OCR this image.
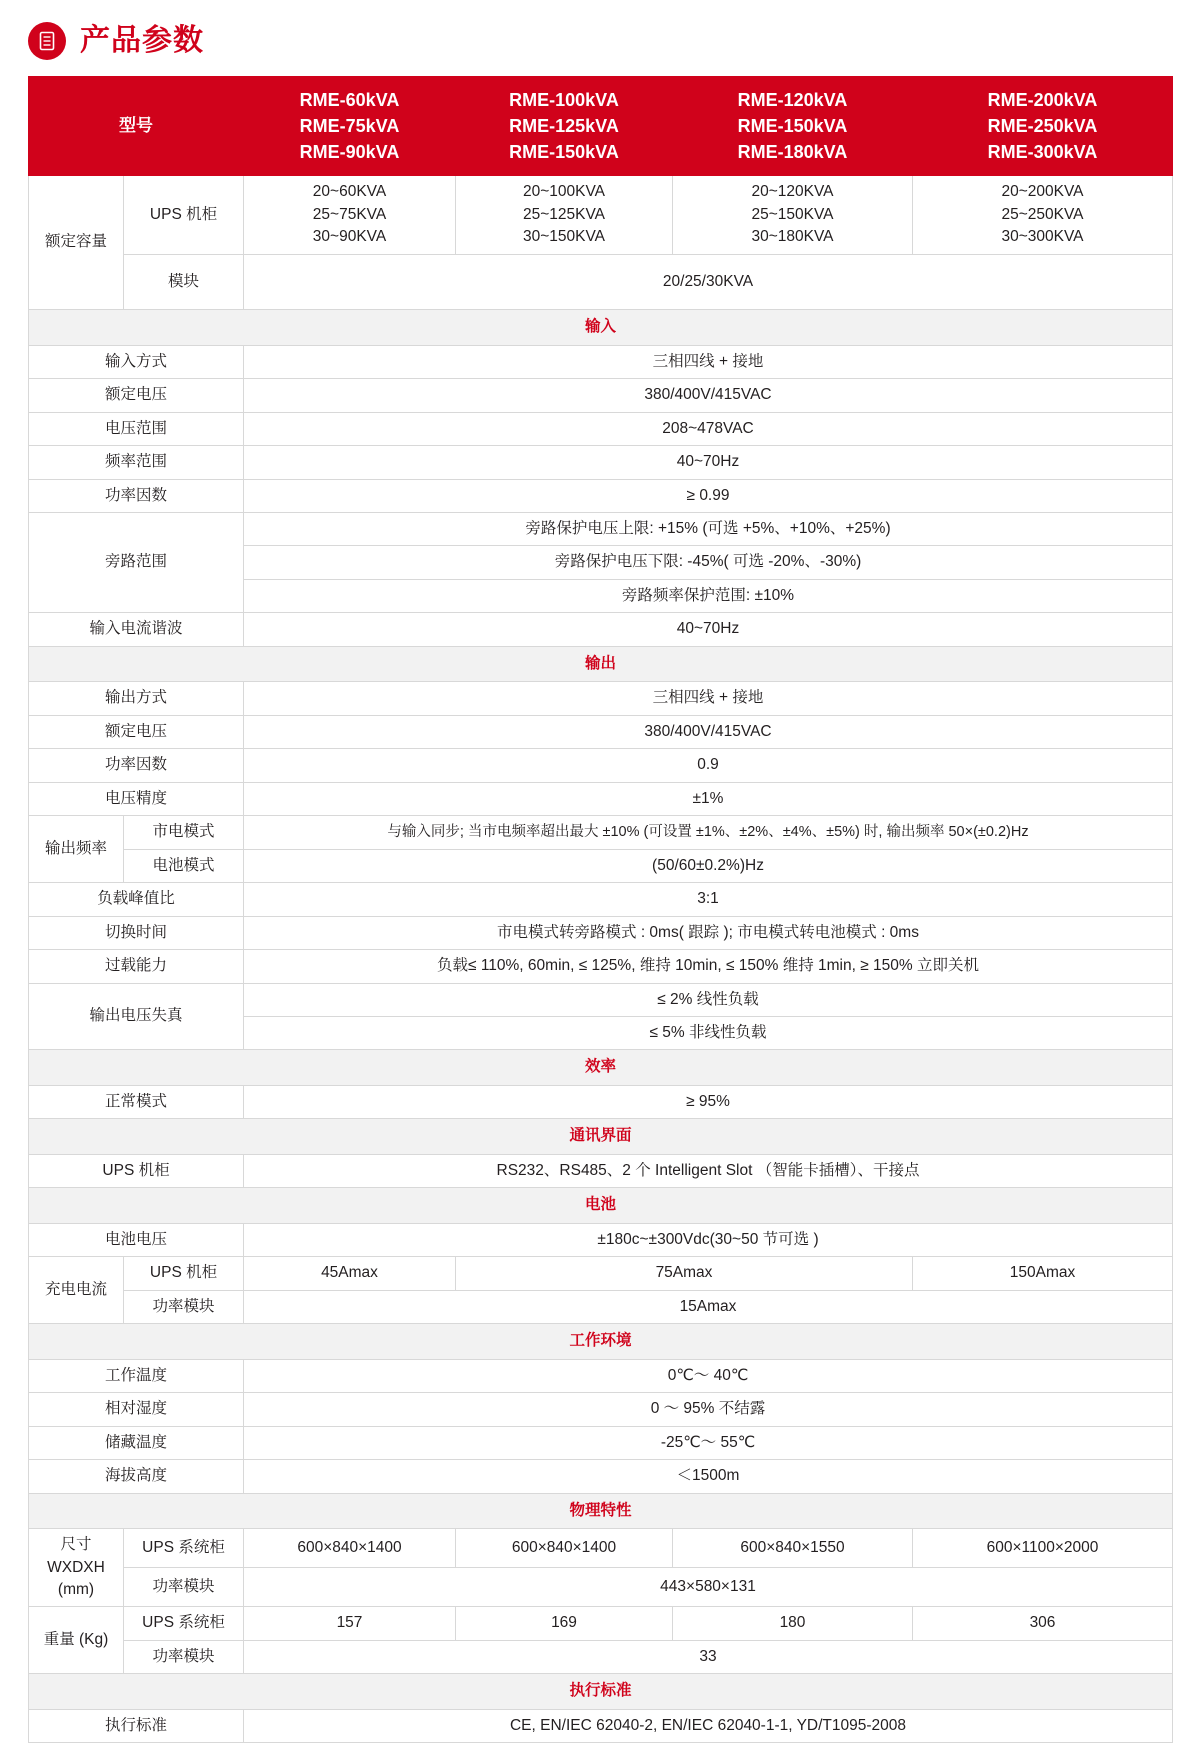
产品参数
型号		RME-60kVA
RME-75kVA
RME-90kVA	RME-100kVA
RME-125kVA
RME-150kVA	RME-120kVA
RME-150kVA
RME-180kVA	RME-200kVA
RME-250kVA
RME-300kVA

额定容量	UPS 机柜	20~60KVA
25~75KVA
30~90KVA	20~100KVA
25~125KVA
30~150KVA	20~120KVA
25~150KVA
30~180KVA	20~200KVA
25~250KVA
30~300KVA

	模块	20/25/30KVA			
输入					
输入方式		三相四线 + 接地			
额定电压		380/400V/415VAC			
电压范围		208~478VAC			
频率范围		40~70Hz			
功率因数		≥ 0.99			
旁路范围		旁路保护电压上限: +15% (可选 +5%、+10%、+25%)			
		旁路保护电压下限: -45%( 可选 -20%、-30%)			
		旁路频率保护范围: ±10%			
输入电流谐波		40~70Hz			
输出					
输出方式		三相四线 + 接地			
额定电压		380/400V/415VAC			
功率因数		0.9			
电压精度		±1%			
输出频率	市电模式	与输入同步; 当市电频率超出最大 ±10% (可设置 ±1%、±2%、±4%、±5%) 时, 输出频率 50×(±0.2)Hz			
	电池模式	(50/60±0.2%)Hz			
负载峰值比		3:1			
切换时间		市电模式转旁路模式 : 0ms( 跟踪 ); 市电模式转电池模式 : 0ms			
过载能力		负载≤ 110%, 60min, ≤ 125%, 维持 10min, ≤ 150% 维持 1min, ≥ 150% 立即关机			
输出电压失真		≤ 2% 线性负载			
		≤ 5% 非线性负载			
效率					
正常模式		≥ 95%			
通讯界面					
UPS 机柜		RS232、RS485、2 个 Intelligent Slot （智能卡插槽）、干接点			
电池					
电池电压		±180c~±300Vdc(30~50 节可选 )			
充电电流	UPS 机柜	45Amax	75Amax		150Amax
	功率模块	15Amax			
工作环境					
工作温度		0℃～ 40℃			
相对湿度		0 ～ 95% 不结露			
储藏温度		-25℃～ 55℃			
海拔高度		＜1500m			
物理特性					

尺寸
WXDXH
(mm)	UPS 系统柜	600×840×1400	600×840×1400	600×840×1550	600×1100×2000
	功率模块	443×580×131			
重量 (Kg)	UPS 系统柜	157	169	180	306
	功率模块	33			
执行标准					
执行标准		CE, EN/IEC 62040-2, EN/IEC 62040-1-1, YD/T1095-2008			
